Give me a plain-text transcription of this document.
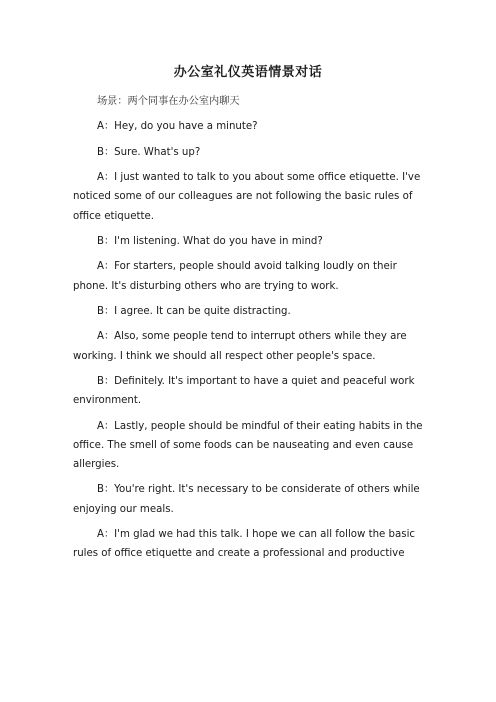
办公室礼仪英语情景对话

场景：两个同事在办公室内聊天

A：Hey, do you have a minute?

B：Sure. What's up?

A：I just wanted to talk to you about some office etiquette. I've

noticed some of our colleagues are not following the basic rules of

office etiquette.

B：I'm listening. What do you have in mind?

A：For starters, people should avoid talking loudly on their

phone. It's disturbing others who are trying to work.

B：I agree. It can be quite distracting.

A：Also, some people tend to interrupt others while they are

working. I think we should all respect other people's space.

B：Definitely. It's important to have a quiet and peaceful work

environment.

A：Lastly, people should be mindful of their eating habits in the

office. The smell of some foods can be nauseating and even cause

allergies.

B：You're right. It's necessary to be considerate of others while

enjoying our meals.

A：I'm glad we had this talk. I hope we can all follow the basic

rules of office etiquette and create a professional and productive
